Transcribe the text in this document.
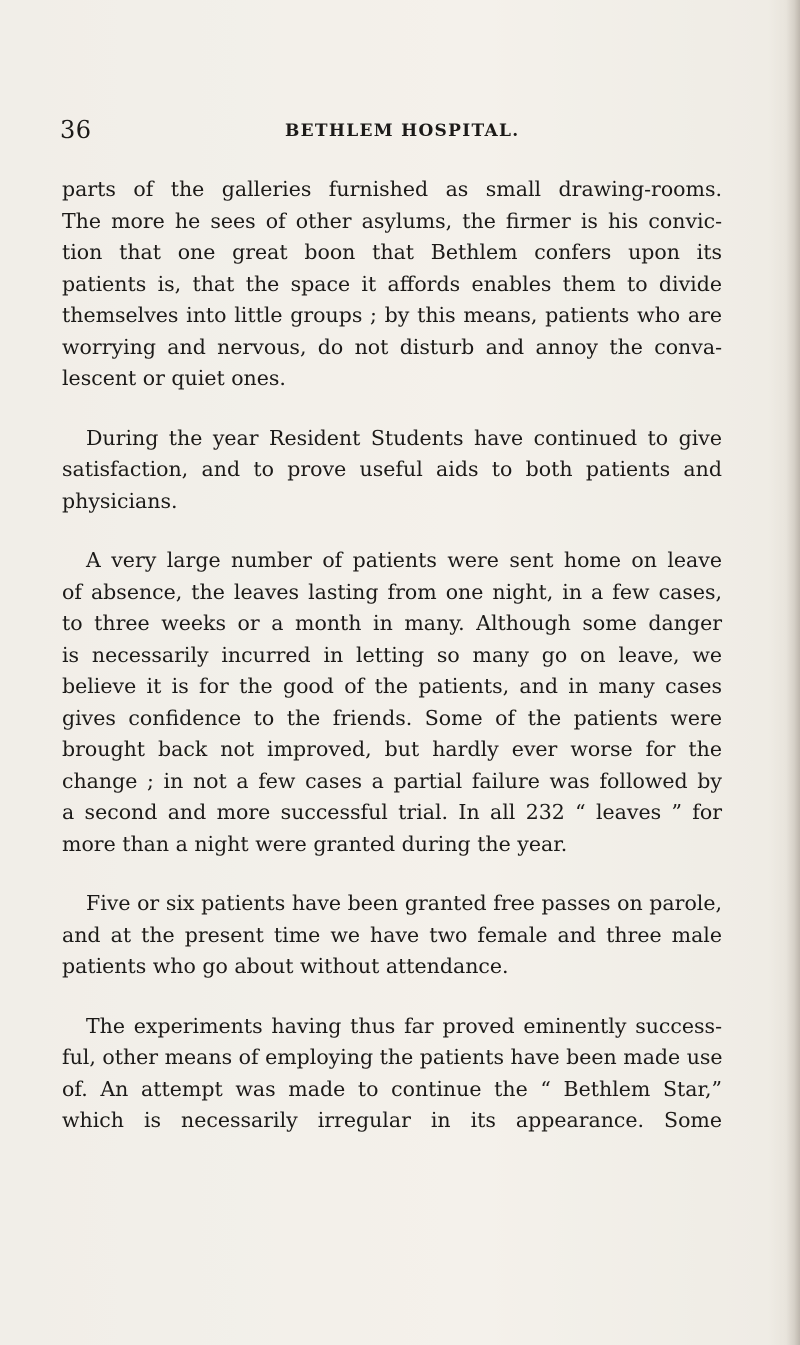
36	BETHLEM HOSPITAL.

parts of the galleries furnished as small drawing-rooms.
The more he sees of other asylums, the firmer is his convic-
tion that one great boon that Bethlem confers upon its
patients is, that the space it affords enables them to divide
themselves into little groups ; by this means, patients who are
worrying and nervous, do not disturb and annoy the conva-
lescent or quiet ones.

During the year Resident Students have continued to give
satisfaction, and to prove useful aids to both patients and
physicians.

A very large number of patients were sent home on leave
of absence, the leaves lasting from one night, in a few cases,
to three weeks or a month in many. Although some danger
is necessarily incurred in letting so many go on leave, we
believe it is for the good of the patients, and in many cases
gives confidence to the friends. Some of the patients were
brought back not improved, but hardly ever worse for the
change ; in not a few cases a partial failure was followed by
a second and more successful trial. In all 232 “ leaves ” for
more than a night were granted during the year.

Five or six patients have been granted free passes on parole,
and at the present time we have two female and three male
patients who go about without attendance.

The experiments having thus far proved eminently success-
ful, other means of employing the patients have been made use
of. An attempt was made to continue the “ Bethlem Star,”
which is necessarily irregular in its appearance. Some
